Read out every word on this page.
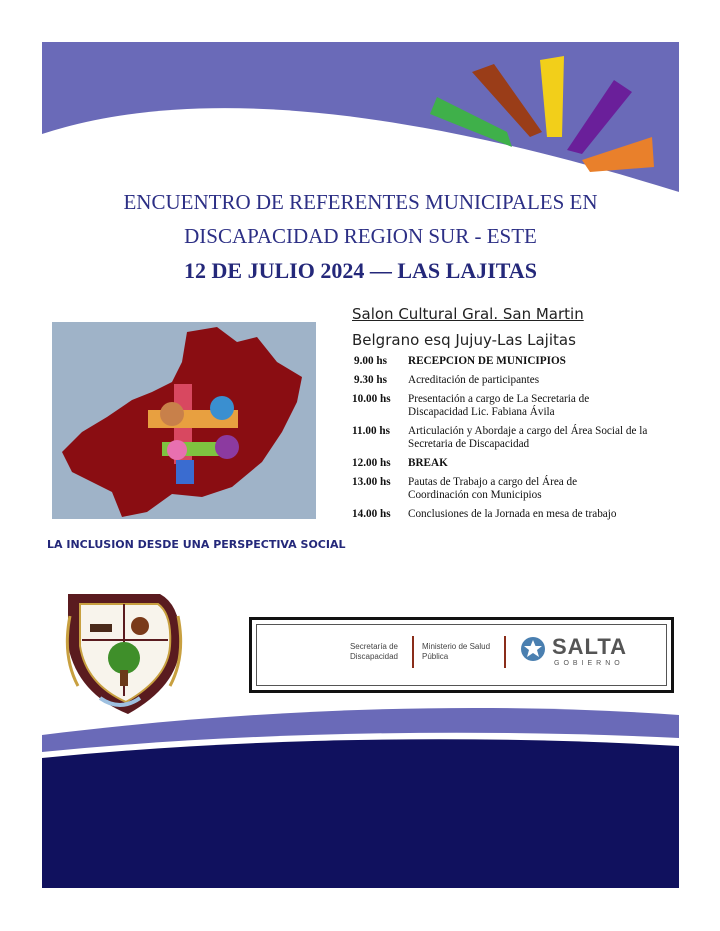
ENCUENTRO DE REFERENTES MUNICIPALES EN
DISCAPACIDAD REGION SUR - ESTE
12 DE JULIO 2024 — LAS LAJITAS
Salon Cultural Gral. San Martin
Belgrano esq Jujuy-Las Lajitas
9.00 hs	RECEPCION DE MUNICIPIOS
9.30 hs	Acreditación de participantes
10.00 hs	Presentación a cargo de La Secretaria de Discapacidad Lic. Fabiana Ávila
11.00 hs	Articulación y Abordaje a cargo del Área Social de la Secretaria de Discapacidad
12.00 hs	BREAK
13.00 hs	Pautas de Trabajo a cargo del Área de Coordinación con Municipios
14.00 hs	Conclusiones de la Jornada en mesa de trabajo
LA INCLUSION DESDE UNA PERSPECTIVA SOCIAL
Secretaría de Discapacidad
Ministerio de Salud Pública	SALTA
GOBIERNO
